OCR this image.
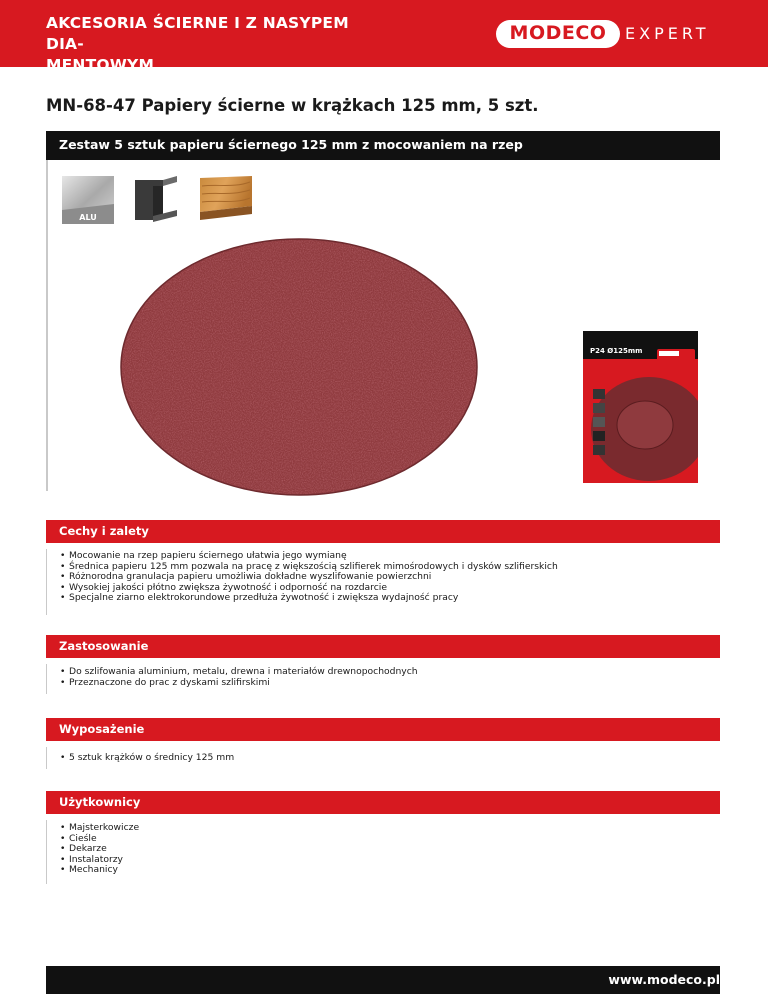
AKCESORIA ŚCIERNE I Z NASYPEM DIA-
MENTOWYM
MODECO	EXPERT
MN-68-47 Papiery ścierne w krążkach 125 mm, 5 szt.
Zestaw 5 sztuk papieru ściernego 125 mm z mocowaniem na rzep
ALU
P24 Ø125mm
Cechy i zalety
• Mocowanie na rzep papieru ściernego ułatwia jego wymianę
• Średnica papieru 125 mm pozwala na pracę z większością szlifierek mimośrodowych i dysków szlifierskich
• Różnorodna granulacja papieru umożliwia dokładne wyszlifowanie powierzchni
• Wysokiej jakości płótno zwiększa żywotność i odporność na rozdarcie
• Specjalne ziarno elektrokorundowe przedłuża żywotność i zwiększa wydajność pracy
Zastosowanie
• Do szlifowania aluminium, metalu, drewna i materiałów drewnopochodnych
• Przeznaczone do prac z dyskami szlifirskimi
Wyposażenie
• 5 sztuk krążków o średnicy 125 mm
Użytkownicy
• Majsterkowicze
• Cieśle
• Dekarze
• Instalatorzy
• Mechanicy
www.modeco.pl
